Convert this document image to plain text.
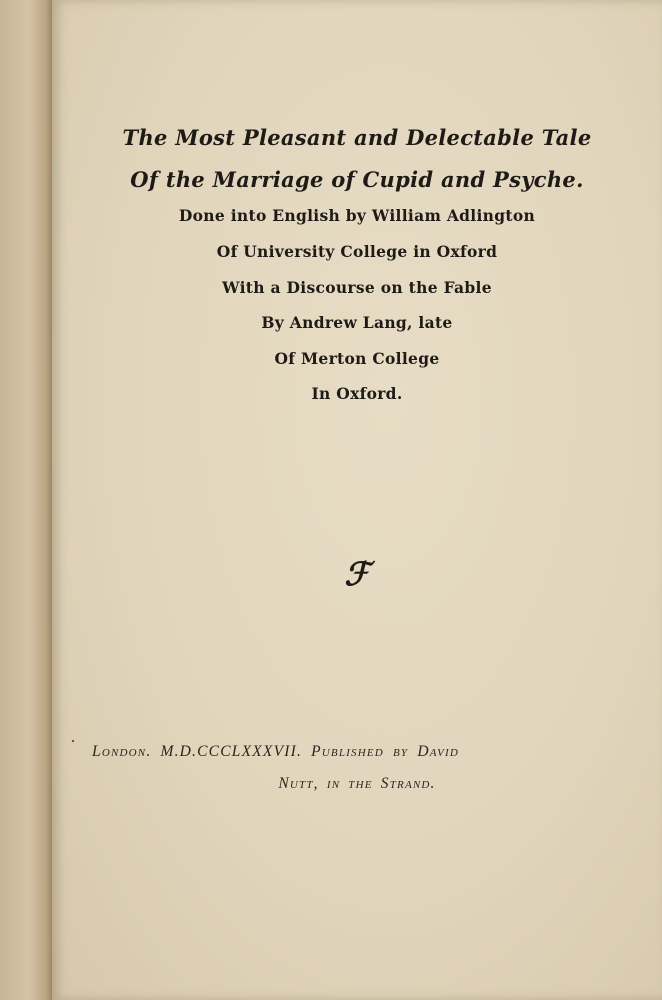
The Most Pleasant and Delectable Tale
Of the Marriage of Cupid and Psyche.
Done into English by William Adlington
Of University College in Oxford
With a Discourse on the Fable
By Andrew Lang, late
Of Merton College
In Oxford.
ℱ
London. M.D.CCCLXXXVII. Published by David
Nutt, in the Strand.
